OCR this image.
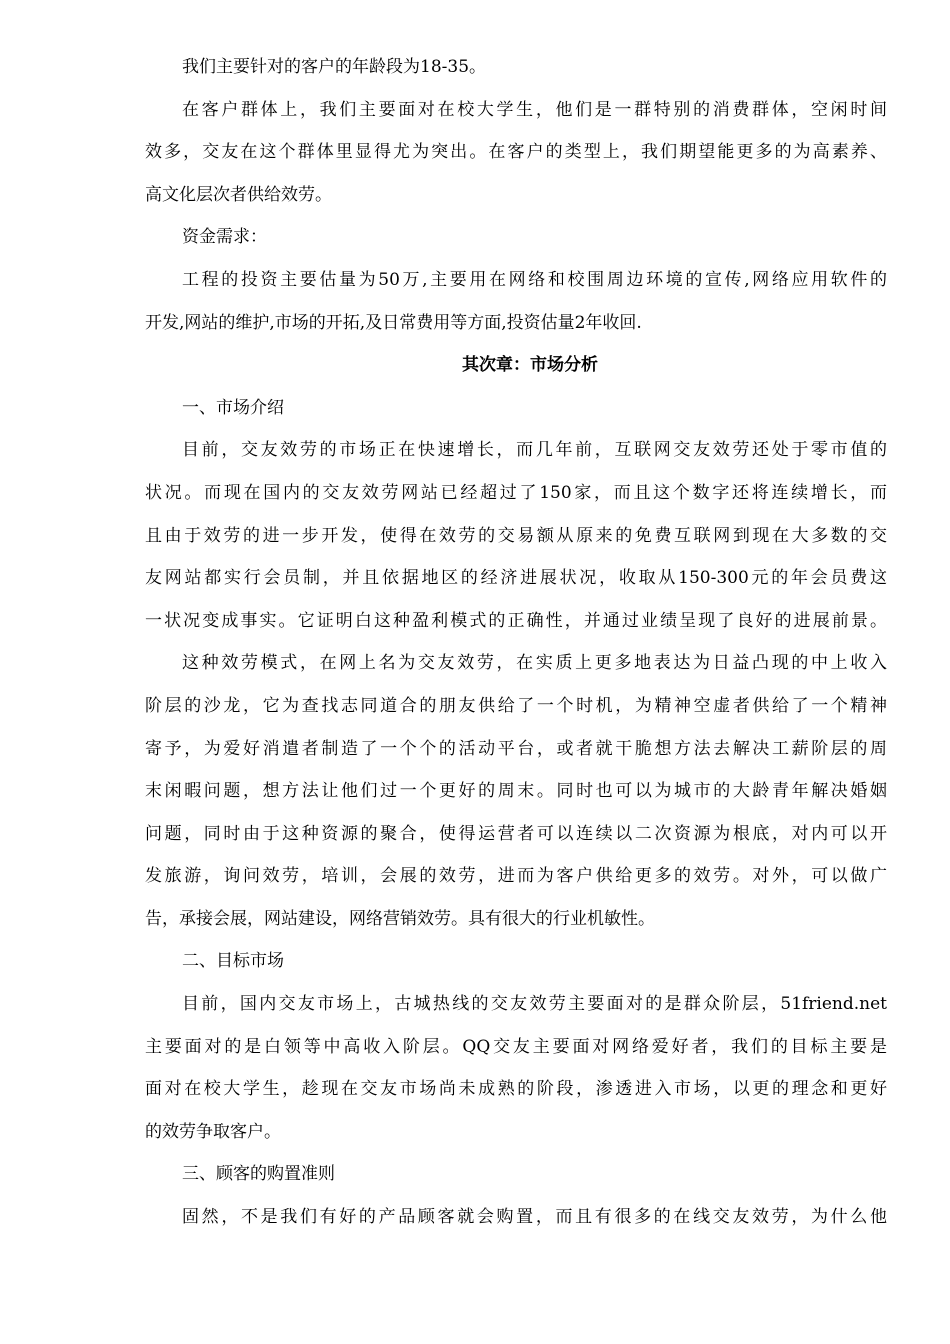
我们主要针对的客户的年龄段为18-35。
在客户群体上，我们主要面对在校大学生，他们是一群特别的消费群体，空闲时间
效多，交友在这个群体里显得尤为突出。在客户的类型上，我们期望能更多的为高素养、
高文化层次者供给效劳。
资金需求：
工程的投资主要估量为50万,主要用在网络和校围周边环境的宣传,网络应用软件的
开发,网站的维护,市场的开拓,及日常费用等方面,投资估量2年收回.
其次章：市场分析
一、市场介绍
目前，交友效劳的市场正在快速增长，而几年前，互联网交友效劳还处于零市值的
状况。而现在国内的交友效劳网站已经超过了150家，而且这个数字还将连续增长，而
且由于效劳的进一步开发，使得在效劳的交易额从原来的免费互联网到现在大多数的交
友网站都实行会员制，并且依据地区的经济进展状况，收取从150-300元的年会员费这
一状况变成事实。它证明白这种盈利模式的正确性，并通过业绩呈现了良好的进展前景。
这种效劳模式，在网上名为交友效劳，在实质上更多地表达为日益凸现的中上收入
阶层的沙龙，它为查找志同道合的朋友供给了一个时机，为精神空虚者供给了一个精神
寄予，为爱好消遣者制造了一个个的活动平台，或者就干脆想方法去解决工薪阶层的周
末闲暇问题，想方法让他们过一个更好的周末。同时也可以为城市的大龄青年解决婚姻
问题，同时由于这种资源的聚合，使得运营者可以连续以二次资源为根底，对内可以开
发旅游，询问效劳，培训，会展的效劳，进而为客户供给更多的效劳。对外，可以做广
告，承接会展，网站建设，网络营销效劳。具有很大的行业机敏性。
二、目标市场
目前，国内交友市场上，古城热线的交友效劳主要面对的是群众阶层，51friend.net
主要面对的是白领等中高收入阶层。QQ交友主要面对网络爱好者，我们的目标主要是
面对在校大学生，趁现在交友市场尚未成熟的阶段，渗透进入市场，以更的理念和更好
的效劳争取客户。
三、顾客的购置准则
固然，不是我们有好的产品顾客就会购置，而且有很多的在线交友效劳，为什么他
